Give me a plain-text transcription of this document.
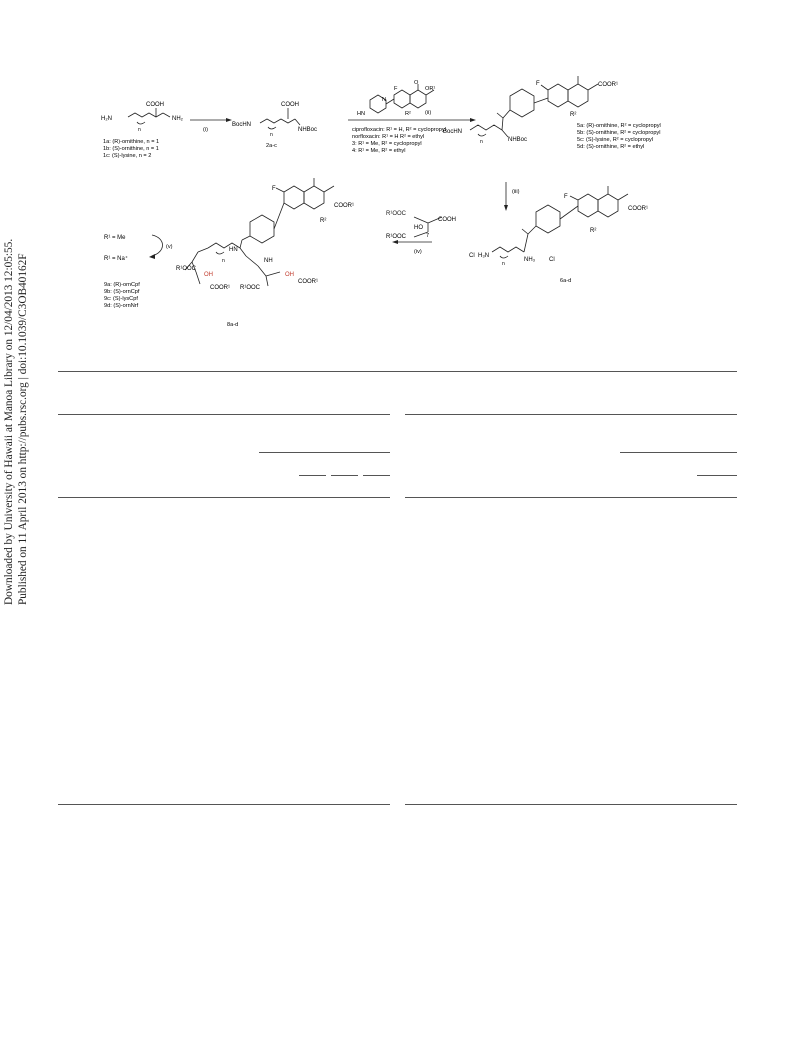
Downloaded by University of Hawaii at Manoa Library on 12/04/2013 12:05:55. Published on 11 April 2013 on http://pubs.rsc.org | doi:10.1039/C3OB40162F
H₂N	NH₂
COOH
n
1a: (R)-ornithine, n = 1
1b: (S)-ornithine, n = 1
1c: (S)-lysine, n = 2
(i)
BocHN
NHBoc
COOH
n
2a-c
OR¹
O
F
HN
N
R²	(ii)
ciprofloxacin: R¹ = H, R² = cyclopropyl
norfloxacin: R¹ = H R² = ethyl
3: R¹ = Me, R² = cyclopropyl
4: R¹ = Me, R² = ethyl
F	COOR¹
R²
BocHN
NHBoc
n
5a: (R)-ornithine, R² = cyclopropyl
5b: (S)-ornithine, R² = cyclopropyl
5c: (S)-lysine, R² = cyclopropyl
5d: (S)-ornithine, R² = ethyl
(iii)
F
COOR¹
R²
Cl H₃N
NH₃ Cl
n
6a-d
R¹OOC
COOH
HO
R¹OOC	7
(iv)
F
COOR¹
R²
HN
NH
n
R¹OOC
OH
COOR¹
OH
R¹OOC
COOR¹
8a-d
R¹ = Me
(v)
R¹ = Na⁺
9a: (R)-ornCpf
9b: (S)-ornCpf
9c: (S)-lysCpf
9d: (S)-ornNrf
